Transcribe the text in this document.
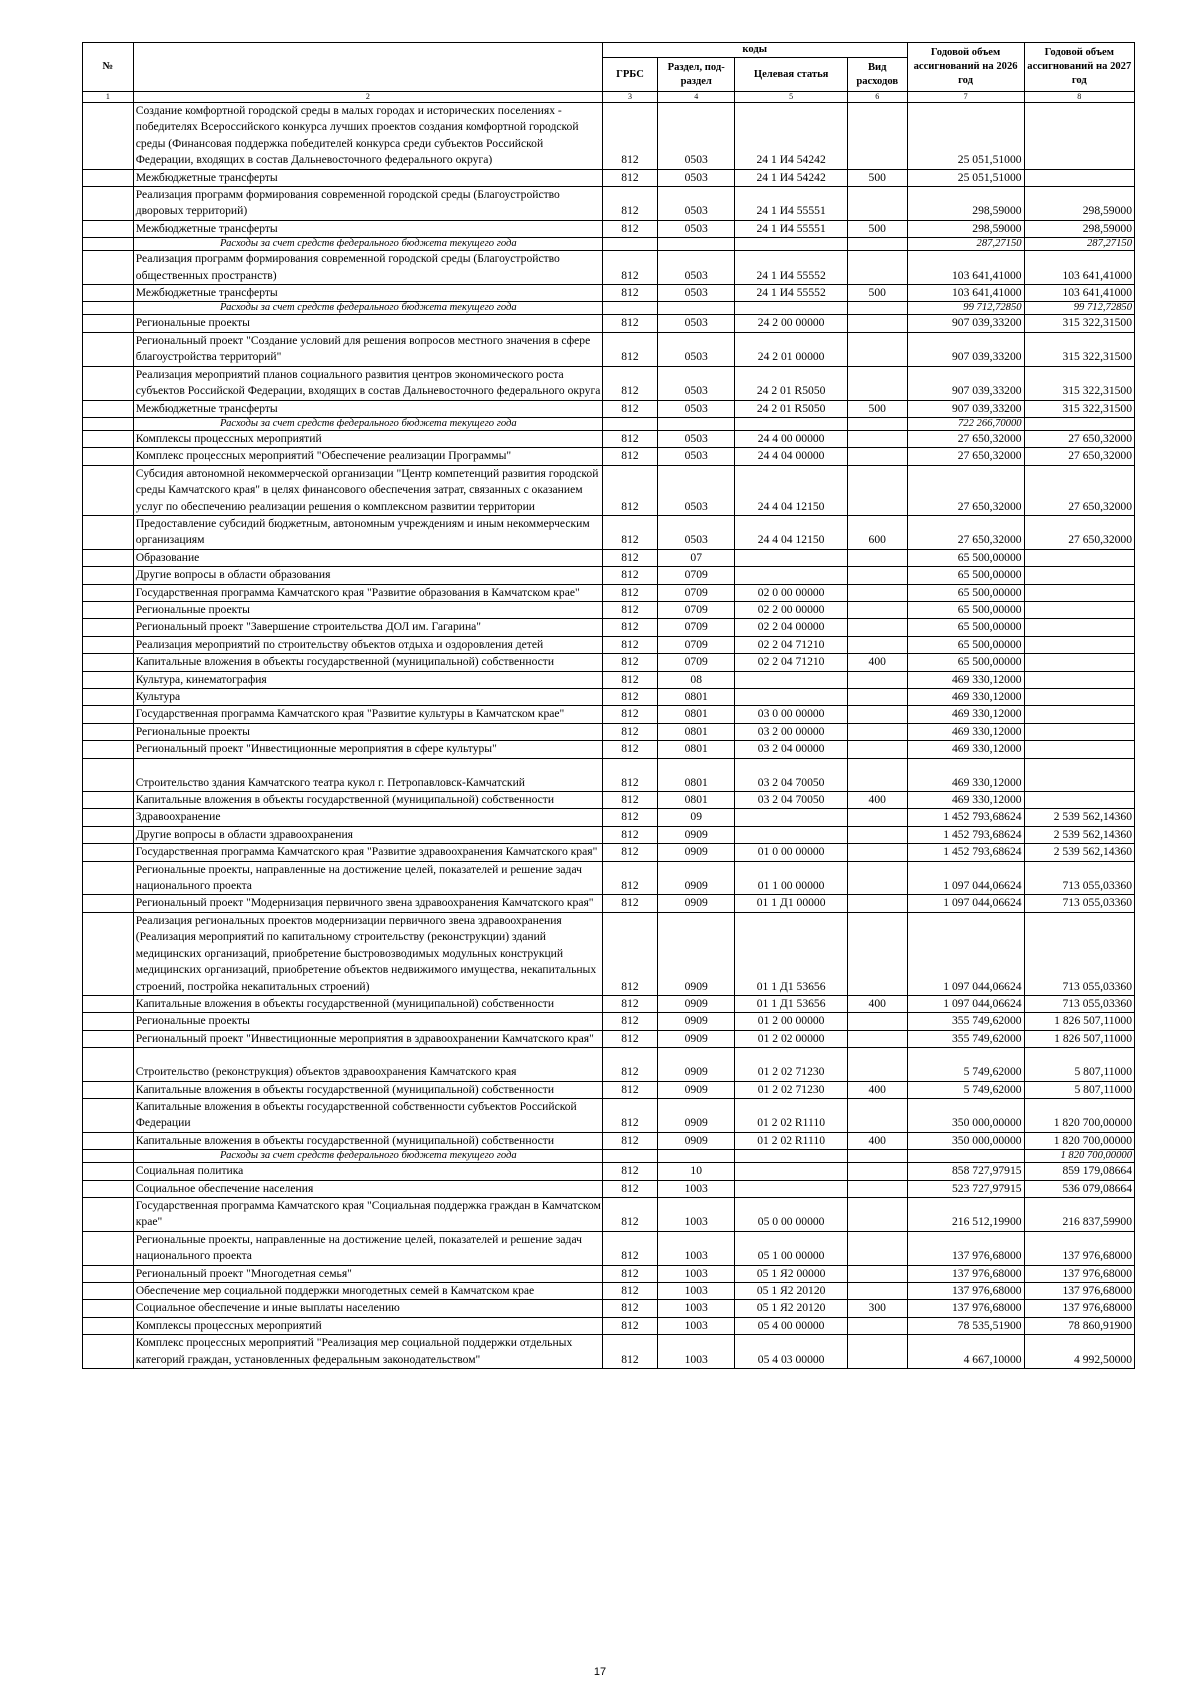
№		коды				Годовой объем ассигнований на 2026 год	Годовой объем ассигнований на 2027 год
		ГРБС	Раздел, под-раздел	Целевая статья	Вид расходов		
1	2	3	4	5	6	7	8
	Создание комфортной городской среды в малых городах и исторических поселениях - победителях Всероссийского конкурса лучших проектов создания комфортной городской среды (Финансовая поддержка победителей конкурса среди субъектов Российской Федерации, входящих в состав Дальневосточного федерального округа)	812	0503	24 1 И4 54242		25 051,51000	
	Межбюджетные трансферты	812	0503	24 1 И4 54242	500	25 051,51000	
	Реализация программ формирования современной городской среды (Благоустройство дворовых территорий)	812	0503	24 1 И4 55551		298,59000	298,59000
	Межбюджетные трансферты	812	0503	24 1 И4 55551	500	298,59000	298,59000
	Расходы за счет средств федерального бюджета текущего года					287,27150	287,27150
	Реализация программ формирования современной городской среды (Благоустройство общественных пространств)	812	0503	24 1 И4 55552		103 641,41000	103 641,41000
	Межбюджетные трансферты	812	0503	24 1 И4 55552	500	103 641,41000	103 641,41000
	Расходы за счет средств федерального бюджета текущего года					99 712,72850	99 712,72850
	Региональные проекты	812	0503	24 2 00 00000		907 039,33200	315 322,31500
	Региональный проект "Создание условий для решения вопросов местного значения в сфере благоустройства территорий"	812	0503	24 2 01 00000		907 039,33200	315 322,31500
	Реализация мероприятий планов социального развития центров экономического роста субъектов Российской Федерации, входящих в состав Дальневосточного федерального округа	812	0503	24 2 01 R5050		907 039,33200	315 322,31500
	Межбюджетные трансферты	812	0503	24 2 01 R5050	500	907 039,33200	315 322,31500
	Расходы за счет средств федерального бюджета текущего года					722 266,70000	
	Комплексы процессных мероприятий	812	0503	24 4 00 00000		27 650,32000	27 650,32000
	Комплекс процессных мероприятий "Обеспечение реализации Программы"	812	0503	24 4 04 00000		27 650,32000	27 650,32000
	Субсидия автономной некоммерческой организации "Центр компетенций развития городской среды Камчатского края" в целях финансового обеспечения затрат, связанных с оказанием услуг по обеспечению реализации решения о комплексном развитии территории	812	0503	24 4 04 12150		27 650,32000	27 650,32000
	Предоставление субсидий бюджетным, автономным учреждениям и иным некоммерческим организациям	812	0503	24 4 04 12150	600	27 650,32000	27 650,32000
	Образование	812	07			65 500,00000	
	Другие вопросы в области образования	812	0709			65 500,00000	
	Государственная программа Камчатского края "Развитие образования в Камчатском крае"	812	0709	02 0 00 00000		65 500,00000	
	Региональные проекты	812	0709	02 2 00 00000		65 500,00000	
	Региональный проект "Завершение строительства ДОЛ им. Гагарина"	812	0709	02 2 04 00000		65 500,00000	
	Реализация мероприятий по строительству объектов отдыха и оздоровления детей	812	0709	02 2 04 71210		65 500,00000	
	Капитальные вложения в объекты государственной (муниципальной) собственности	812	0709	02 2 04 71210	400	65 500,00000	
	Культура, кинематография	812	08			469 330,12000	
	Культура	812	0801			469 330,12000	
	Государственная программа Камчатского края "Развитие культуры в Камчатском крае"	812	0801	03 0 00 00000		469 330,12000	
	Региональные проекты	812	0801	03 2 00 00000		469 330,12000	
	Региональный проект "Инвестиционные мероприятия в сфере культуры"	812	0801	03 2 04 00000		469 330,12000	
	Строительство здания Камчатского театра кукол г. Петропавловск-Камчатский	812	0801	03 2 04 70050		469 330,12000	
	Капитальные вложения в объекты государственной (муниципальной) собственности	812	0801	03 2 04 70050	400	469 330,12000	
	Здравоохранение	812	09			1 452 793,68624	2 539 562,14360
	Другие вопросы в области здравоохранения	812	0909			1 452 793,68624	2 539 562,14360
	Государственная программа Камчатского края "Развитие здравоохранения Камчатского края"	812	0909	01 0 00 00000		1 452 793,68624	2 539 562,14360
	Региональные проекты, направленные на достижение целей, показателей и решение задач национального проекта	812	0909	01 1 00 00000		1 097 044,06624	713 055,03360
	Региональный проект "Модернизация первичного звена здравоохранения Камчатского края"	812	0909	01 1 Д1 00000		1 097 044,06624	713 055,03360
	Реализация региональных проектов модернизации первичного звена здравоохранения (Реализация мероприятий по капитальному строительству (реконструкции) зданий медицинских организаций, приобретение быстровозводимых модульных конструкций медицинских организаций, приобретение объектов недвижимого имущества, некапитальных строений, постройка некапитальных строений)	812	0909	01 1 Д1 53656		1 097 044,06624	713 055,03360
	Капитальные вложения в объекты государственной (муниципальной) собственности	812	0909	01 1 Д1 53656	400	1 097 044,06624	713 055,03360
	Региональные проекты	812	0909	01 2 00 00000		355 749,62000	1 826 507,11000
	Региональный проект "Инвестиционные мероприятия в здравоохранении Камчатского края"	812	0909	01 2 02 00000		355 749,62000	1 826 507,11000
	Строительство (реконструкция) объектов здравоохранения Камчатского края	812	0909	01 2 02 71230		5 749,62000	5 807,11000
	Капитальные вложения в объекты государственной (муниципальной) собственности	812	0909	01 2 02 71230	400	5 749,62000	5 807,11000
	Капитальные вложения в объекты государственной собственности субъектов Российской Федерации	812	0909	01 2 02 R1110		350 000,00000	1 820 700,00000
	Капитальные вложения в объекты государственной (муниципальной) собственности	812	0909	01 2 02 R1110	400	350 000,00000	1 820 700,00000
	Расходы за счет средств федерального бюджета текущего года						1 820 700,00000
	Социальная политика	812	10			858 727,97915	859 179,08664
	Социальное обеспечение населения	812	1003			523 727,97915	536 079,08664
	Государственная программа Камчатского края "Социальная поддержка граждан в Камчатском крае"	812	1003	05 0 00 00000		216 512,19900	216 837,59900
	Региональные проекты, направленные на достижение целей, показателей и решение задач национального проекта	812	1003	05 1 00 00000		137 976,68000	137 976,68000
	Региональный проект "Многодетная семья"	812	1003	05 1 Я2 00000		137 976,68000	137 976,68000
	Обеспечение мер социальной поддержки многодетных семей в Камчатском крае	812	1003	05 1 Я2 20120		137 976,68000	137 976,68000
	Социальное обеспечение и иные выплаты населению	812	1003	05 1 Я2 20120	300	137 976,68000	137 976,68000
	Комплексы процессных мероприятий	812	1003	05 4 00 00000		78 535,51900	78 860,91900
	Комплекс процессных мероприятий "Реализация мер социальной поддержки отдельных категорий граждан, установленных федеральным законодательством"	812	1003	05 4 03 00000		4 667,10000	4 992,50000
17
